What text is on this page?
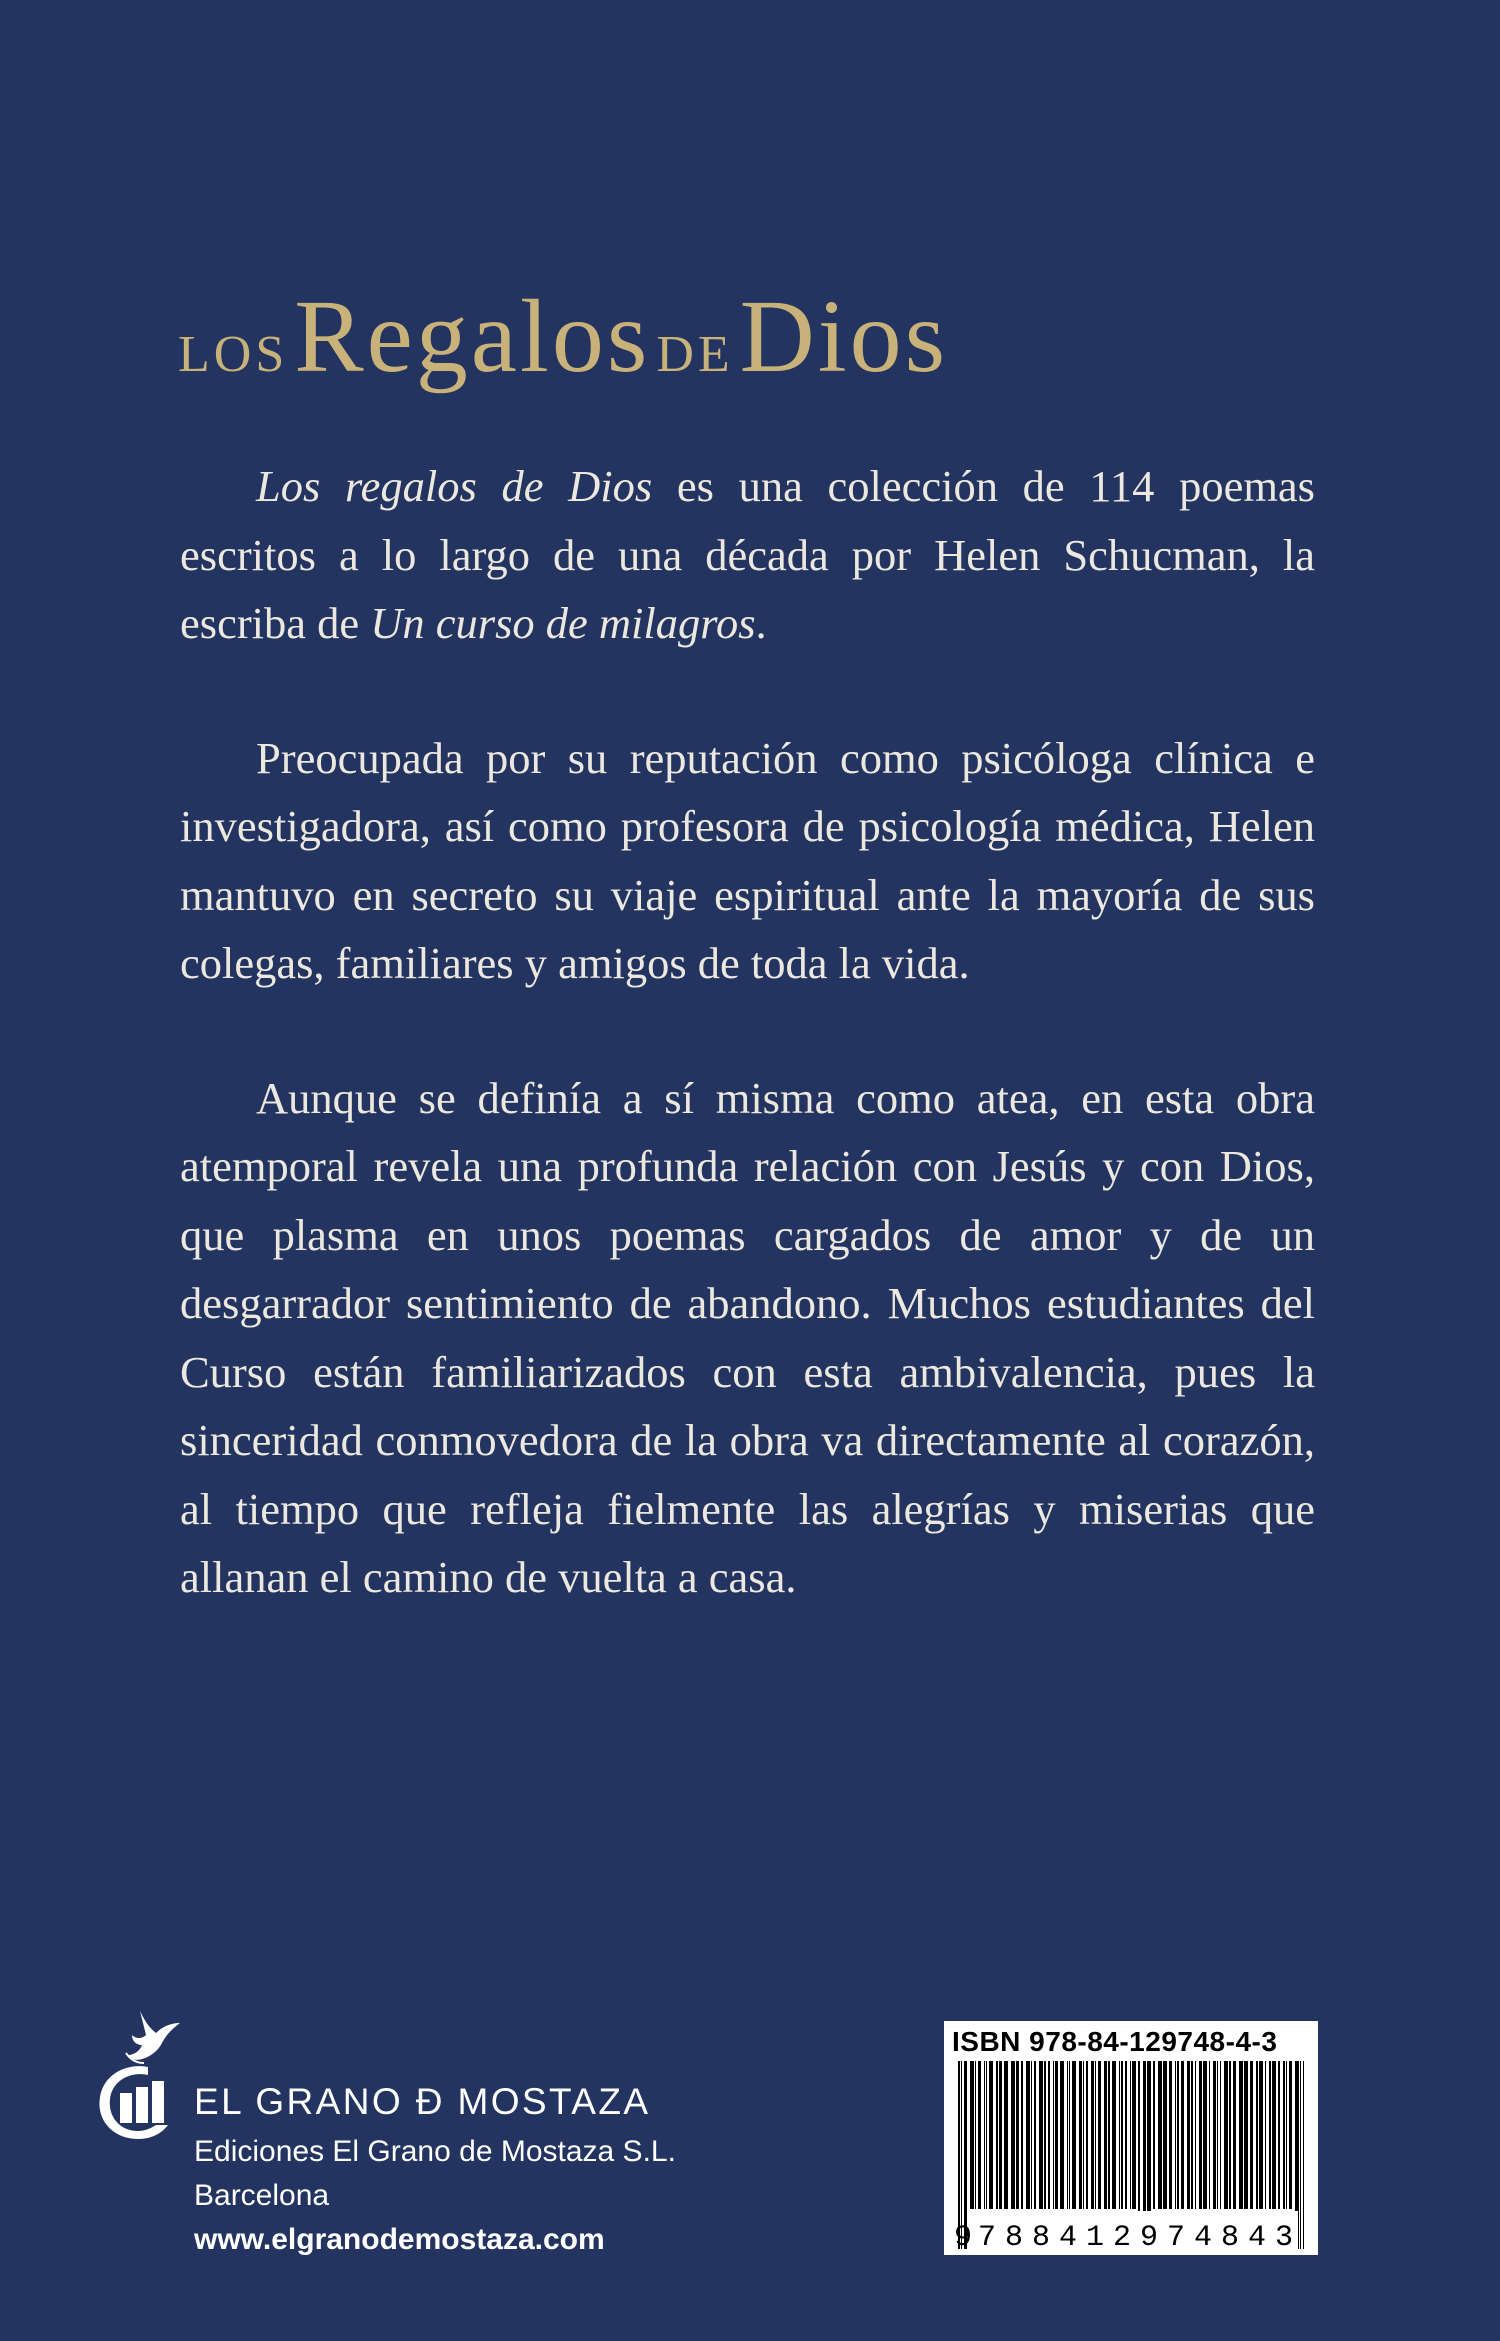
los Regalos de Dios

Los regalos de Dios es una colección de 114 poemas escritos a lo largo de una década por Helen Schucman, la escriba de Un curso de milagros.

Preocupada por su reputación como psicóloga clínica e investigadora, así como profesora de psicología médica, Helen mantuvo en secreto su viaje espiritual ante la mayoría de sus colegas, familiares y amigos de toda la vida.

Aunque se definía a sí misma como atea, en esta obra atemporal revela una profunda relación con Jesús y con Dios, que plasma en unos poemas cargados de amor y de un desgarrador sentimiento de abandono. Muchos estudiantes del Curso están familiarizados con esta ambivalencia, pues la sinceridad conmovedora de la obra va directamente al corazón, al tiempo que refleja fielmente las alegrías y miserias que allanan el camino de vuelta a casa.

EL GRANO Đ MOSTAZA
Ediciones El Grano de Mostaza S.L.
Barcelona
www.elgranodemostaza.com
ISBN 978-84-129748-4-3
9 7 8 8 4 1 2 9 7 4 8 4 3
